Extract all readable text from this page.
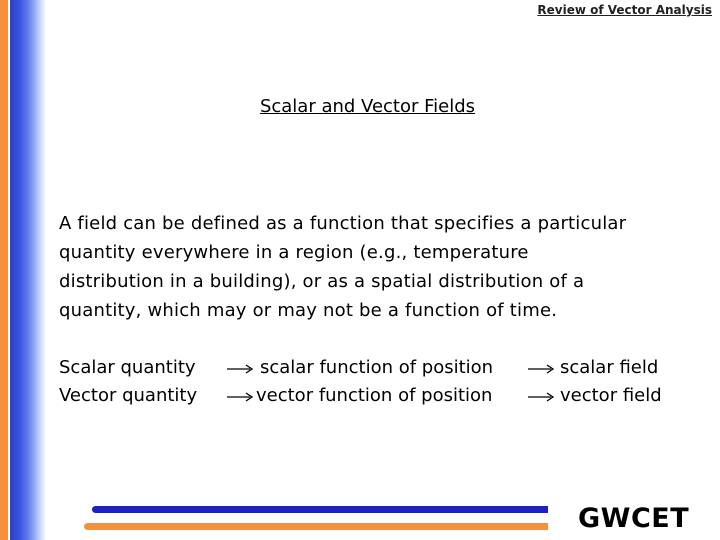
Review of Vector Analysis
Scalar and Vector Fields
A field can be defined as a function that specifies a particular
quantity everywhere in a region (e.g., temperature
distribution in a building), or as a spatial distribution of a
quantity, which may or may not be a function of time.
Scalar quantity	scalar function of position	scalar field
Vector quantity	vector function of position	vector field
GWCET
